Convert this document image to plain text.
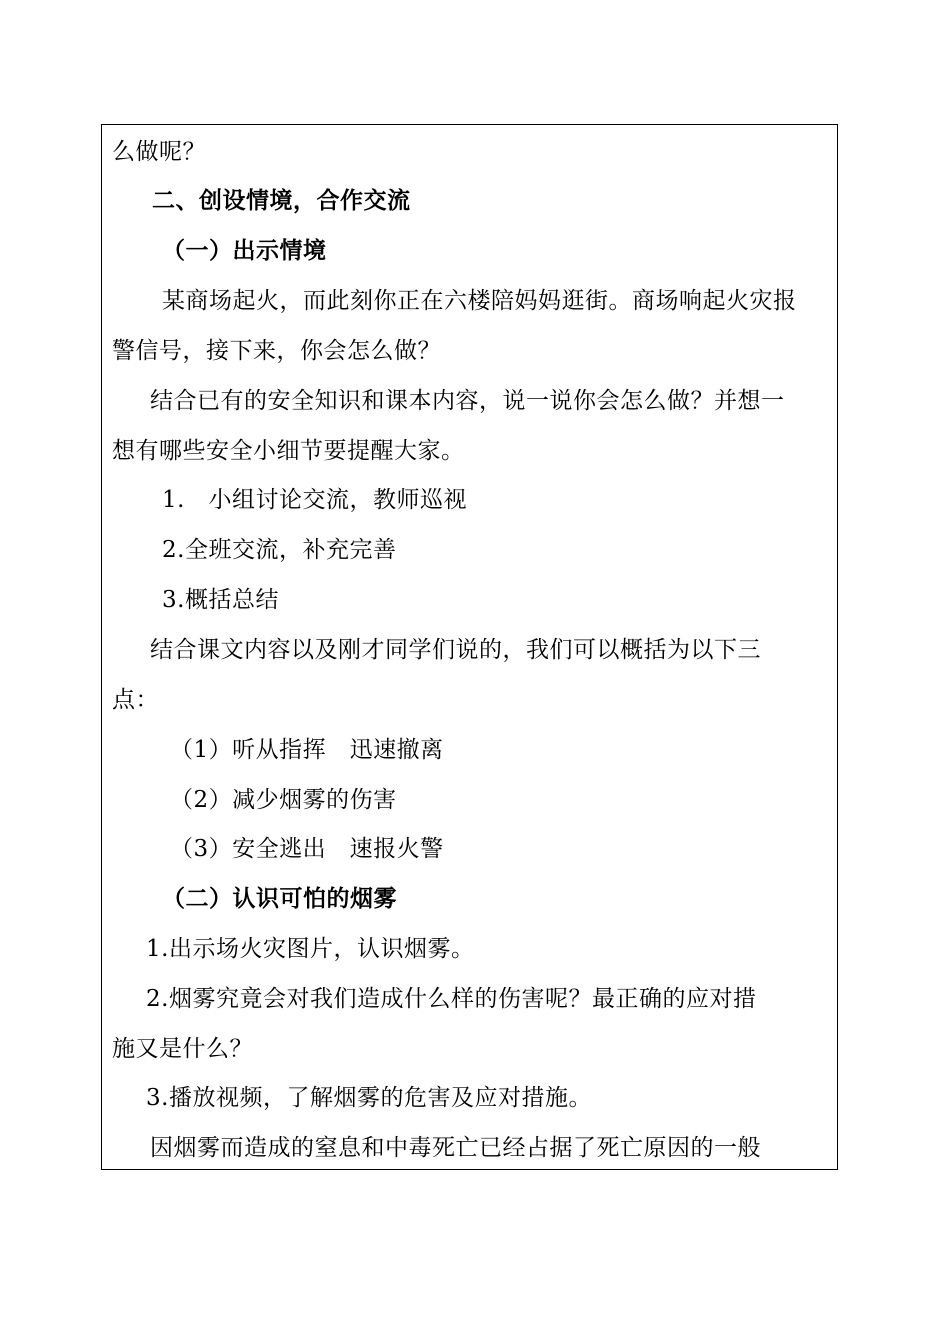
么做呢？
二、创设情境，合作交流
（一）出示情境
某商场起火，而此刻你正在六楼陪妈妈逛街。商场响起火灾报
警信号，接下来，你会怎么做？
结合已有的安全知识和课本内容，说一说你会怎么做？并想一
想有哪些安全小细节要提醒大家。
1.　小组讨论交流，教师巡视
2.全班交流，补充完善
3.概括总结
结合课文内容以及刚才同学们说的，我们可以概括为以下三
点：
（1）听从指挥　迅速撤离
（2）减少烟雾的伤害
（3）安全逃出　速报火警
（二）认识可怕的烟雾
1.出示场火灾图片，认识烟雾。
2.烟雾究竟会对我们造成什么样的伤害呢？最正确的应对措
施又是什么？
3.播放视频，了解烟雾的危害及应对措施。
因烟雾而造成的窒息和中毒死亡已经占据了死亡原因的一般
